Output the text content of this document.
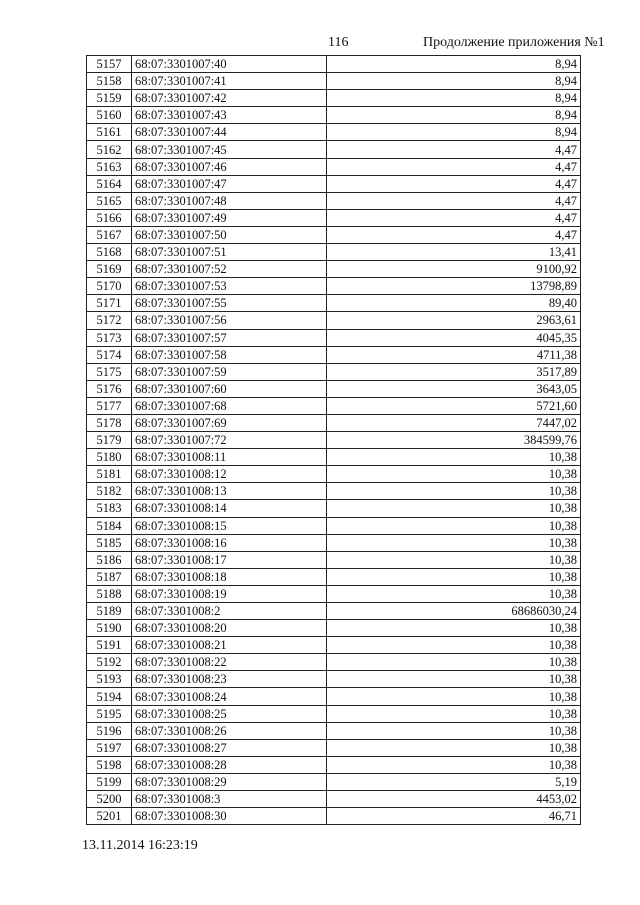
116	Продолжение приложения №1
5157	68:07:3301007:40	8,94
5158	68:07:3301007:41	8,94
5159	68:07:3301007:42	8,94
5160	68:07:3301007:43	8,94
5161	68:07:3301007:44	8,94
5162	68:07:3301007:45	4,47
5163	68:07:3301007:46	4,47
5164	68:07:3301007:47	4,47
5165	68:07:3301007:48	4,47
5166	68:07:3301007:49	4,47
5167	68:07:3301007:50	4,47
5168	68:07:3301007:51	13,41
5169	68:07:3301007:52	9100,92
5170	68:07:3301007:53	13798,89
5171	68:07:3301007:55	89,40
5172	68:07:3301007:56	2963,61
5173	68:07:3301007:57	4045,35
5174	68:07:3301007:58	4711,38
5175	68:07:3301007:59	3517,89
5176	68:07:3301007:60	3643,05
5177	68:07:3301007:68	5721,60
5178	68:07:3301007:69	7447,02
5179	68:07:3301007:72	384599,76
5180	68:07:3301008:11	10,38
5181	68:07:3301008:12	10,38
5182	68:07:3301008:13	10,38
5183	68:07:3301008:14	10,38
5184	68:07:3301008:15	10,38
5185	68:07:3301008:16	10,38
5186	68:07:3301008:17	10,38
5187	68:07:3301008:18	10,38
5188	68:07:3301008:19	10,38
5189	68:07:3301008:2	68686030,24
5190	68:07:3301008:20	10,38
5191	68:07:3301008:21	10,38
5192	68:07:3301008:22	10,38
5193	68:07:3301008:23	10,38
5194	68:07:3301008:24	10,38
5195	68:07:3301008:25	10,38
5196	68:07:3301008:26	10,38
5197	68:07:3301008:27	10,38
5198	68:07:3301008:28	10,38
5199	68:07:3301008:29	5,19
5200	68:07:3301008:3	4453,02
5201	68:07:3301008:30	46,71
13.11.2014 16:23:19
